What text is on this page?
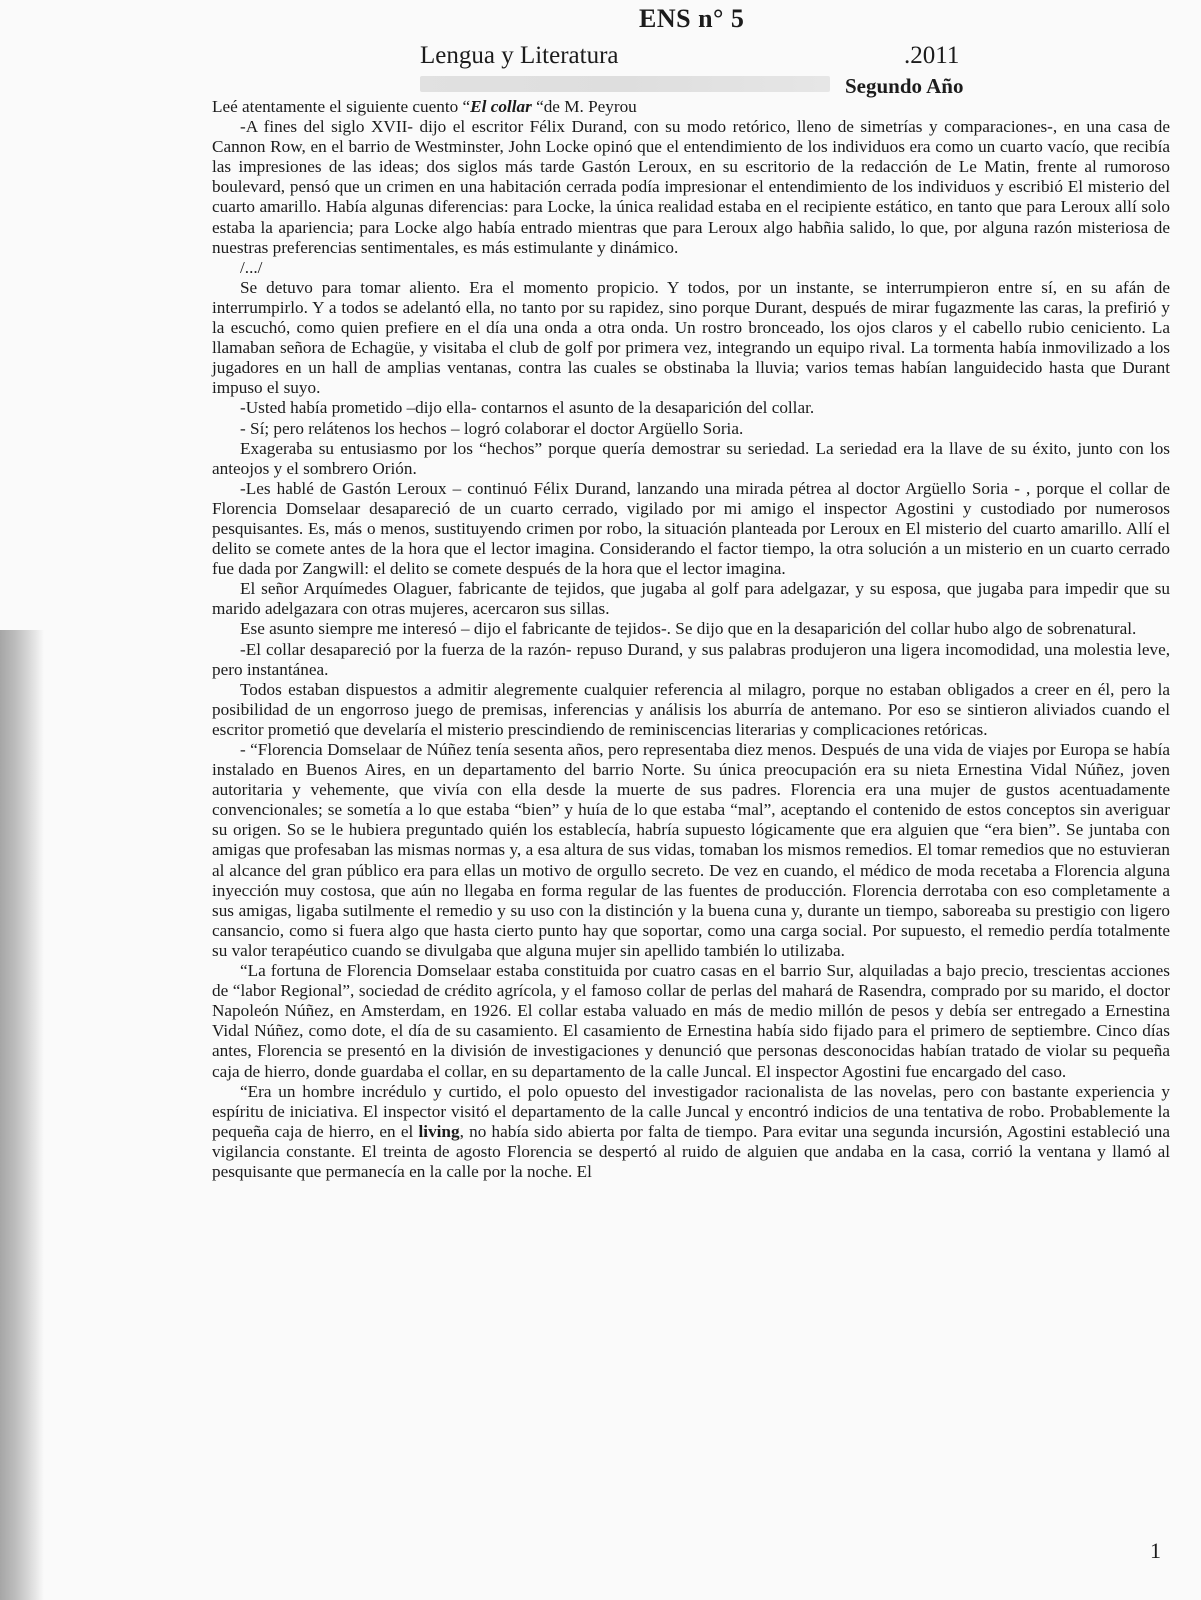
ENS n° 5
Lengua y Literatura	.2011
Segundo Año

Leé atentamente el siguiente cuento “El collar “de M. Peyrou

-A fines del siglo XVII- dijo el escritor Félix Durand, con su modo retórico, lleno de simetrías y comparaciones-, en una casa de Cannon Row, en el barrio de Westminster, John Locke opinó que el entendimiento de los individuos era como un cuarto vacío, que recibía las impresiones de las ideas; dos siglos más tarde Gastón Leroux, en su escritorio de la redacción de Le Matin, frente al rumoroso boulevard, pensó que un crimen en una habitación cerrada podía impresionar el entendimiento de los individuos y escribió El misterio del cuarto amarillo. Había algunas diferencias: para Locke, la única realidad estaba en el recipiente estático, en tanto que para Leroux allí solo estaba la apariencia; para Locke algo había entrado mientras que para Leroux algo habñia salido, lo que, por alguna razón misteriosa de nuestras preferencias sentimentales, es más estimulante y dinámico.

/.../

Se detuvo para tomar aliento. Era el momento propicio. Y todos, por un instante, se interrumpieron entre sí, en su afán de interrumpirlo. Y a todos se adelantó ella, no tanto por su rapidez, sino porque Durant, después de mirar fugazmente las caras, la prefirió y la escuchó, como quien prefiere en el día una onda a otra onda. Un rostro bronceado, los ojos claros y el cabello rubio ceniciento. La llamaban señora de Echagüe, y visitaba el club de golf por primera vez, integrando un equipo rival. La tormenta había inmovilizado a los jugadores en un hall de amplias ventanas, contra las cuales se obstinaba la lluvia; varios temas habían languidecido hasta que Durant impuso el suyo.

-Usted había prometido –dijo ella- contarnos el asunto de la desaparición del collar.

- Sí; pero relátenos los hechos – logró colaborar el doctor Argüello Soria.

Exageraba su entusiasmo por los “hechos” porque quería demostrar su seriedad. La seriedad era la llave de su éxito, junto con los anteojos y el sombrero Orión.

-Les hablé de Gastón Leroux – continuó Félix Durand, lanzando una mirada pétrea al doctor Argüello Soria - , porque el collar de Florencia Domselaar desapareció de un cuarto cerrado, vigilado por mi amigo el inspector Agostini y custodiado por numerosos pesquisantes. Es, más o menos, sustituyendo crimen por robo, la situación planteada por Leroux en El misterio del cuarto amarillo. Allí el delito se comete antes de la hora que el lector imagina. Considerando el factor tiempo, la otra solución a un misterio en un cuarto cerrado fue dada por Zangwill: el delito se comete después de la hora que el lector imagina.

El señor Arquímedes Olaguer, fabricante de tejidos, que jugaba al golf para adelgazar, y su esposa, que jugaba para impedir que su marido adelgazara con otras mujeres, acercaron sus sillas.

Ese asunto siempre me interesó – dijo el fabricante de tejidos-. Se dijo que en la desaparición del collar hubo algo de sobrenatural.

-El collar desapareció por la fuerza de la razón- repuso Durand, y sus palabras produjeron una ligera incomodidad, una molestia leve, pero instantánea.

Todos estaban dispuestos a admitir alegremente cualquier referencia al milagro, porque no estaban obligados a creer en él, pero la posibilidad de un engorroso juego de premisas, inferencias y análisis los aburría de antemano. Por eso se sintieron aliviados cuando el escritor prometió que develaría el misterio prescindiendo de reminiscencias literarias y complicaciones retóricas.

- “Florencia Domselaar de Núñez tenía sesenta años, pero representaba diez menos. Después de una vida de viajes por Europa se había instalado en Buenos Aires, en un departamento del barrio Norte. Su única preocupación era su nieta Ernestina Vidal Núñez, joven autoritaria y vehemente, que vivía con ella desde la muerte de sus padres. Florencia era una mujer de gustos acentuadamente convencionales; se sometía a lo que estaba “bien” y huía de lo que estaba “mal”, aceptando el contenido de estos conceptos sin averiguar su origen. So se le hubiera preguntado quién los establecía, habría supuesto lógicamente que era alguien que “era bien”. Se juntaba con amigas que profesaban las mismas normas y, a esa altura de sus vidas, tomaban los mismos remedios. El tomar remedios que no estuvieran al alcance del gran público era para ellas un motivo de orgullo secreto. De vez en cuando, el médico de moda recetaba a Florencia alguna inyección muy costosa, que aún no llegaba en forma regular de las fuentes de producción. Florencia derrotaba con eso completamente a sus amigas, ligaba sutilmente el remedio y su uso con la distinción y la buena cuna y, durante un tiempo, saboreaba su prestigio con ligero cansancio, como si fuera algo que hasta cierto punto hay que soportar, como una carga social. Por supuesto, el remedio perdía totalmente su valor terapéutico cuando se divulgaba que alguna mujer sin apellido también lo utilizaba.

“La fortuna de Florencia Domselaar estaba constituida por cuatro casas en el barrio Sur, alquiladas a bajo precio, trescientas acciones de “labor Regional”, sociedad de crédito agrícola, y el famoso collar de perlas del mahará de Rasendra, comprado por su marido, el doctor Napoleón Núñez, en Amsterdam, en 1926. El collar estaba valuado en más de medio millón de pesos y debía ser entregado a Ernestina Vidal Núñez, como dote, el día de su casamiento. El casamiento de Ernestina había sido fijado para el primero de septiembre. Cinco días antes, Florencia se presentó en la división de investigaciones y denunció que personas desconocidas habían tratado de violar su pequeña caja de hierro, donde guardaba el collar, en su departamento de la calle Juncal. El inspector Agostini fue encargado del caso.

“Era un hombre incrédulo y curtido, el polo opuesto del investigador racionalista de las novelas, pero con bastante experiencia y espíritu de iniciativa. El inspector visitó el departamento de la calle Juncal y encontró indicios de una tentativa de robo. Probablemente la pequeña caja de hierro, en el living, no había sido abierta por falta de tiempo. Para evitar una segunda incursión, Agostini estableció una vigilancia constante. El treinta de agosto Florencia se despertó al ruido de alguien que andaba en la casa, corrió la ventana y llamó al pesquisante que permanecía en la calle por la noche. El

1
